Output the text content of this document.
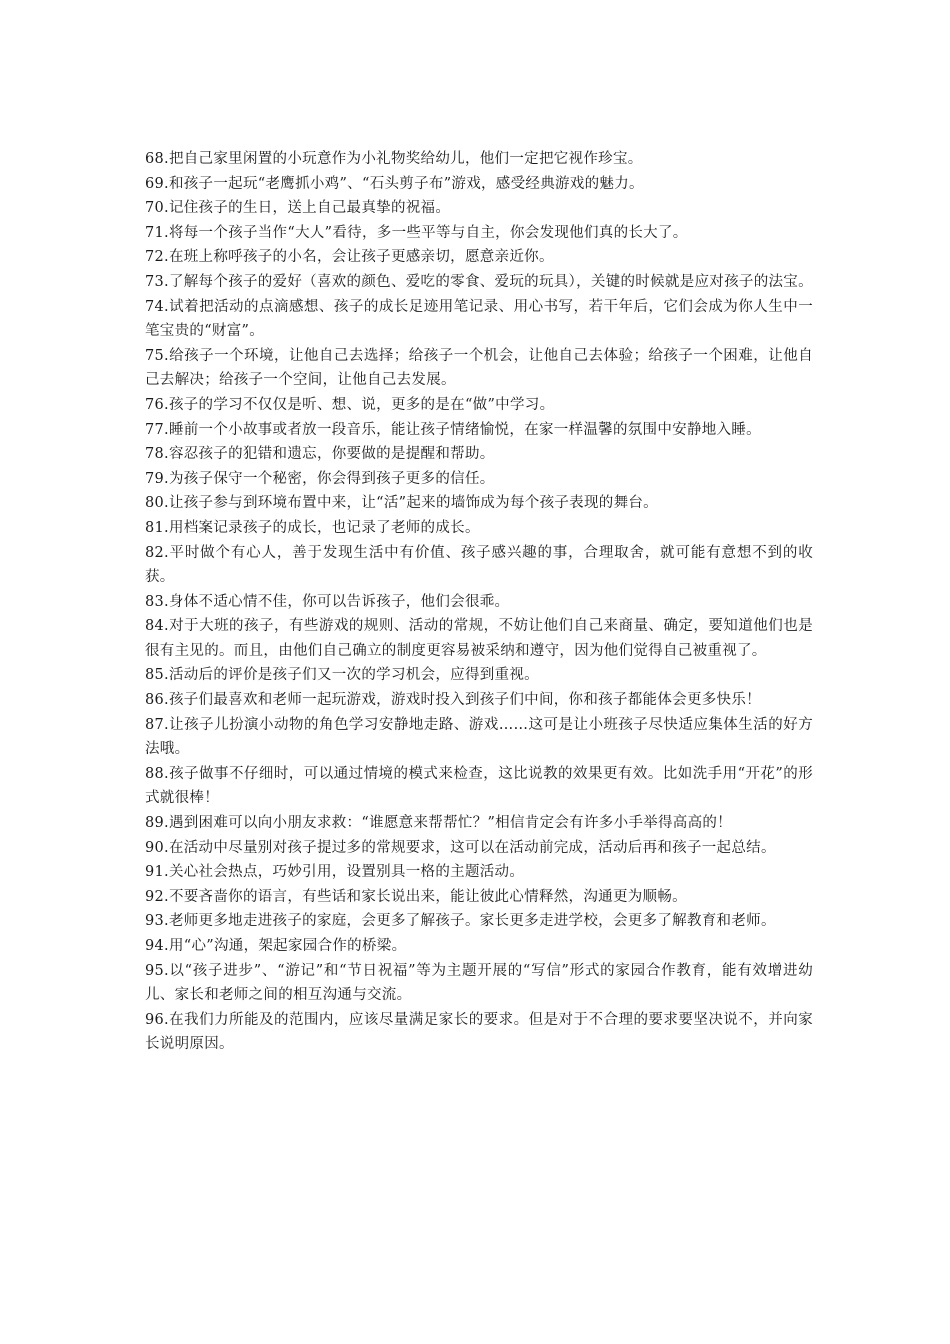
68.把自己家里闲置的小玩意作为小礼物奖给幼儿，他们一定把它视作珍宝。

69.和孩子一起玩“老鹰抓小鸡”、“石头剪子布”游戏，感受经典游戏的魅力。

70.记住孩子的生日，送上自己最真挚的祝福。

71.将每一个孩子当作“大人”看待，多一些平等与自主，你会发现他们真的长大了。

72.在班上称呼孩子的小名，会让孩子更感亲切，愿意亲近你。

73.了解每个孩子的爱好（喜欢的颜色、爱吃的零食、爱玩的玩具），关键的时候就是应对孩子的法宝。

74.试着把活动的点滴感想、孩子的成长足迹用笔记录、用心书写，若干年后，它们会成为你人生中一笔宝贵的“财富”。

75.给孩子一个环境，让他自己去选择；给孩子一个机会，让他自己去体验；给孩子一个困难，让他自己去解决；给孩子一个空间，让他自己去发展。

76.孩子的学习不仅仅是听、想、说，更多的是在“做”中学习。

77.睡前一个小故事或者放一段音乐，能让孩子情绪愉悦，在家一样温馨的氛围中安静地入睡。

78.容忍孩子的犯错和遗忘，你要做的是提醒和帮助。

79.为孩子保守一个秘密，你会得到孩子更多的信任。

80.让孩子参与到环境布置中来，让“活”起来的墙饰成为每个孩子表现的舞台。

81.用档案记录孩子的成长，也记录了老师的成长。

82.平时做个有心人，善于发现生活中有价值、孩子感兴趣的事，合理取舍，就可能有意想不到的收获。

83.身体不适心情不佳，你可以告诉孩子，他们会很乖。

84.对于大班的孩子，有些游戏的规则、活动的常规，不妨让他们自己来商量、确定，要知道他们也是很有主见的。而且，由他们自己确立的制度更容易被采纳和遵守，因为他们觉得自己被重视了。

85.活动后的评价是孩子们又一次的学习机会，应得到重视。

86.孩子们最喜欢和老师一起玩游戏，游戏时投入到孩子们中间，你和孩子都能体会更多快乐！

87.让孩子儿扮演小动物的角色学习安静地走路、游戏……这可是让小班孩子尽快适应集体生活的好方法哦。

88.孩子做事不仔细时，可以通过情境的模式来检查，这比说教的效果更有效。比如洗手用“开花”的形式就很棒！

89.遇到困难可以向小朋友求救：“谁愿意来帮帮忙？”相信肯定会有许多小手举得高高的！

90.在活动中尽量别对孩子提过多的常规要求，这可以在活动前完成，活动后再和孩子一起总结。

91.关心社会热点，巧妙引用，设置别具一格的主题活动。

92.不要吝啬你的语言，有些话和家长说出来，能让彼此心情释然，沟通更为顺畅。

93.老师更多地走进孩子的家庭，会更多了解孩子。家长更多走进学校，会更多了解教育和老师。

94.用“心”沟通，架起家园合作的桥梁。

95.以“孩子进步”、“游记”和“节日祝福”等为主题开展的“写信”形式的家园合作教育，能有效增进幼儿、家长和老师之间的相互沟通与交流。

96.在我们力所能及的范围内，应该尽量满足家长的要求。但是对于不合理的要求要坚决说不，并向家长说明原因。
